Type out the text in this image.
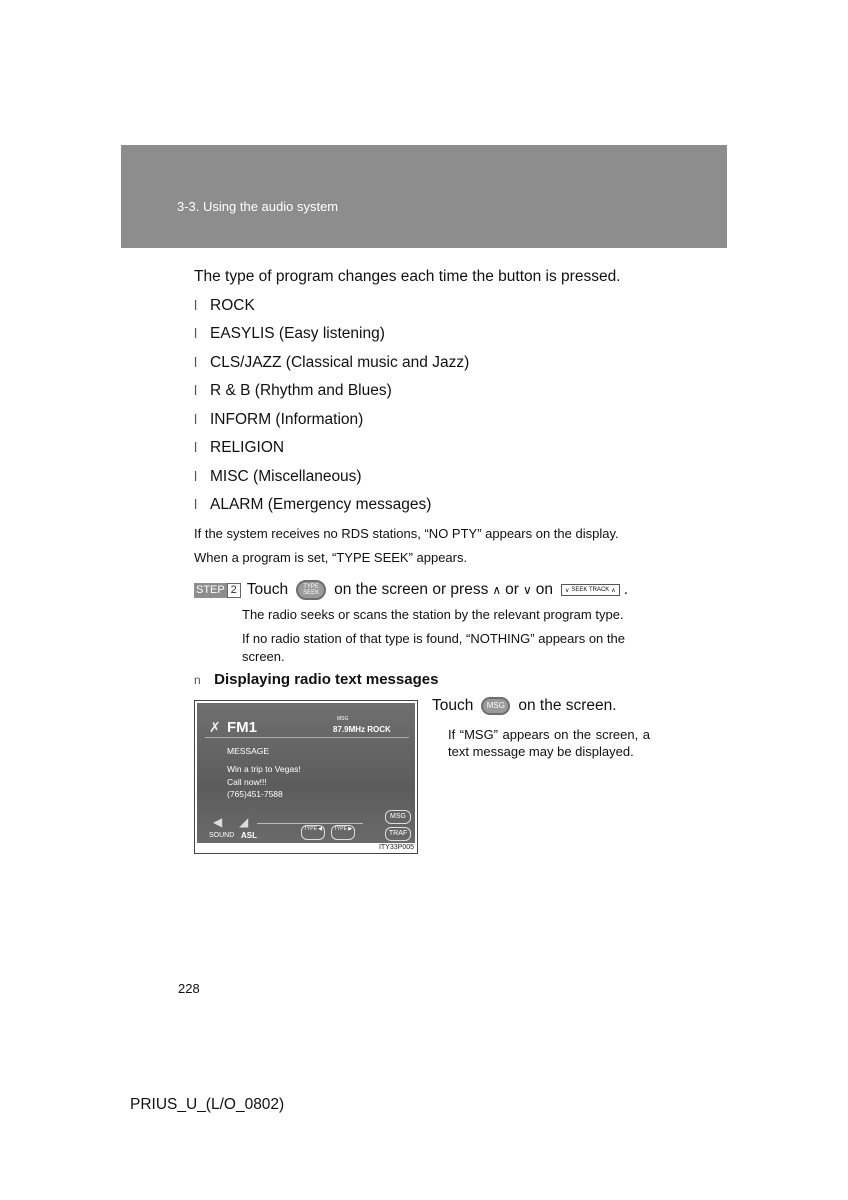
3-3. Using the audio system

The type of program changes each time the button is pressed.

l ROCK
l EASYLIS (Easy listening)
l CLS/JAZZ (Classical music and Jazz)
l R & B (Rhythm and Blues)
l INFORM (Information)
l RELIGION
l MISC (Miscellaneous)
l ALARM (Emergency messages)

If the system receives no RDS stations, “NO PTY” appears on the display.

When a program is set, “TYPE SEEK” appears.

STEP 2 Touch	TYPE
SEEK on the screen or press ∧ or ∨ on ∨ SEEK TRACK ∧ .

The radio seeks or scans the station by the relevant program type.

If no radio station of that type is found, “NOTHING” appears on the screen.

n Displaying radio text messages
✗ FM1	MSG
87.9MHz ROCK
MESSAGE
Win a trip to Vegas!
Call now!!!
(765)451-7588
◀ ◢
SOUND ASL
TYPE ◀	TYPE ▶
MSG
TRAF
ITY33P005
Touch	MSG on the screen.

If “MSG” appears on the screen, a text message may be displayed.

228
PRIUS_U_(L/O_0802)
